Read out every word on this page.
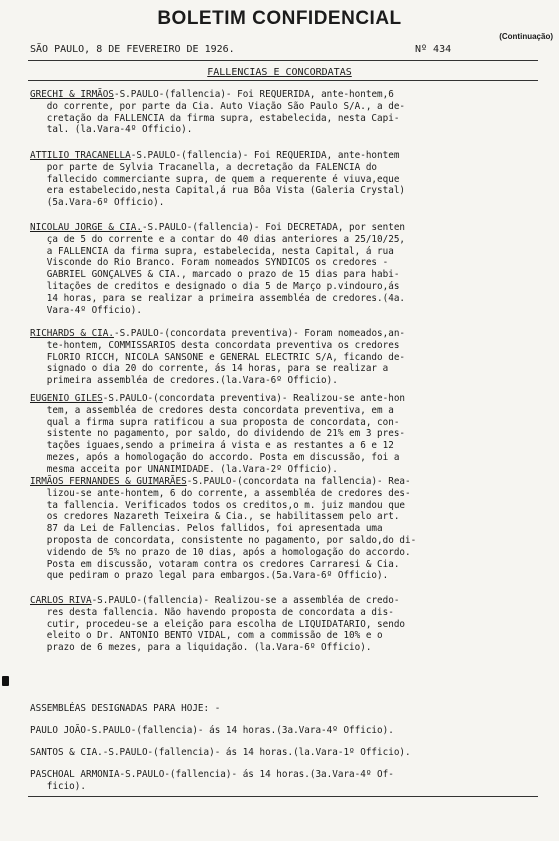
BOLETIM CONFIDENCIAL
(Continuação)
SÃO PAULO, 8 DE FEVEREIRO DE 1926.	Nº 434
FALLENCIAS E CONCORDATAS
GRECHI & IRMÃOS-S.PAULO-(fallencia)- Foi REQUERIDA, ante-hontem,6
do corrente, por parte da Cia. Auto Viação São Paulo S/A., a de-
cretação da FALLENCIA da firma supra, estabelecida, nesta Capi-
tal. (la.Vara-4º Officio).
ATTILIO TRACANELLA-S.PAULO-(fallencia)- Foi REQUERIDA, ante-hontem
por parte de Sylvia Tracanella, a decretação da FALENCIA do
fallecido commerciante supra, de quem a requerente é viuva,eque
era estabelecido,nesta Capital,á rua Bôa Vista (Galeria Crystal)
(5a.Vara-6º Officio).
NICOLAU JORGE & CIA.-S.PAULO-(fallencia)- Foi DECRETADA, por senten
ça de 5 do corrente e a contar do 40 dias anteriores a 25/10/25,
a FALLENCIA da firma supra, estabelecida, nesta Capital, á rua
Visconde do Rio Branco. Foram nomeados SYNDICOS os credores -
GABRIEL GONÇALVES & CIA., marcado o prazo de 15 dias para habi-
litações de creditos e designado o dia 5 de Março p.vindouro,ás
14 horas, para se realizar a primeira assembléa de credores.(4a.
Vara-4º Officio).
RICHARDS & CIA.-S.PAULO-(concordata preventiva)- Foram nomeados,an-
te-hontem, COMMISSARIOS desta concordata preventiva os credores
FLORIO RICCH, NICOLA SANSONE e GENERAL ELECTRIC S/A, ficando de-
signado o dia 20 do corrente, ás 14 horas, para se realizar a
primeira assembléa de credores.(la.Vara-6º Officio).
EUGENIO GILES-S.PAULO-(concordata preventiva)- Realizou-se ante-hon
tem, a assembléa de credores desta concordata preventiva, em a
qual a firma supra ratificou a sua proposta de concordata, con-
sistente no pagamento, por saldo, do dividendo de 21% em 3 pres-
tações iguaes,sendo a primeira á vista e as restantes a 6 e 12
mezes, após a homologação do accordo. Posta em discussão, foi a
mesma acceita por UNANIMIDADE. (la.Vara-2º Officio).
IRMÃOS FERNANDES & GUIMARÃES-S.PAULO-(concordata na fallencia)- Rea-
lizou-se ante-hontem, 6 do corrente, a assembléa de credores des-
ta fallencia. Verificados todos os creditos,o m. juiz mandou que
os credores Nazareth Teixeira & Cia., se habilitassem pelo art.
87 da Lei de Fallencias. Pelos fallidos, foi apresentada uma
proposta de concordata, consistente no pagamento, por saldo,do di-
videndo de 5% no prazo de 10 dias, após a homologação do accordo.
Posta em discussão, votaram contra os credores Carraresi & Cia.
que pediram o prazo legal para embargos.(5a.Vara-6º Officio).
CARLOS RIVA-S.PAULO-(fallencia)- Realizou-se a assembléa de credo-
res desta fallencia. Não havendo proposta de concordata a dis-
cutir, procedeu-se a eleição para escolha de LIQUIDATARIO, sendo
eleito o Dr. ANTONIO BENTO VIDAL, com a commissão de 10% e o
prazo de 6 mezes, para a liquidação. (la.Vara-6º Officio).
ASSEMBLÉAS DESIGNADAS PARA HOJE: -
PAULO JOÃO-S.PAULO-(fallencia)- ás 14 horas.(3a.Vara-4º Officio).
SANTOS & CIA.-S.PAULO-(fallencia)- ás 14 horas.(la.Vara-1º Officio).
PASCHOAL ARMONIA-S.PAULO-(fallencia)- ás 14 horas.(3a.Vara-4º Of-
ficio).
